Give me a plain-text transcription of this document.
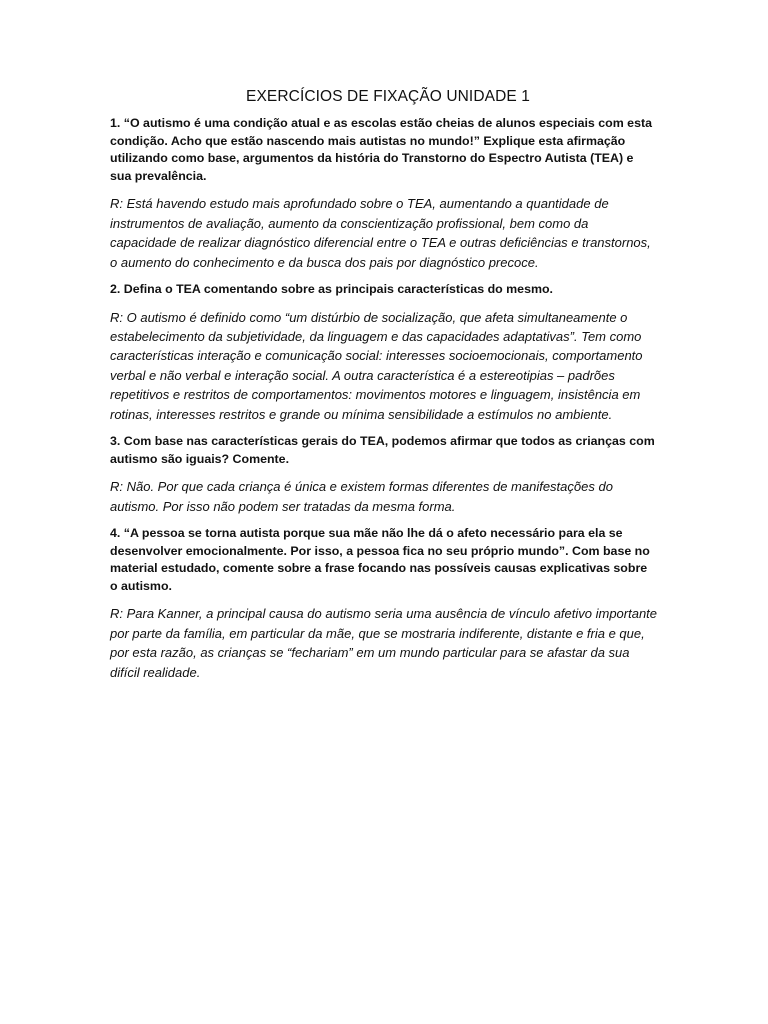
EXERCÍCIOS DE FIXAÇÃO UNIDADE 1

1. “O autismo é uma condição atual e as escolas estão cheias de alunos especiais com esta condição. Acho que estão nascendo mais autistas no mundo!” Explique esta afirmação utilizando como base, argumentos da história do Transtorno do Espectro Autista (TEA) e sua prevalência.

R: Está havendo estudo mais aprofundado sobre o TEA, aumentando a quantidade de instrumentos de avaliação, aumento da conscientização profissional, bem como da capacidade de realizar diagnóstico diferencial entre o TEA e outras deficiências e transtornos, o aumento do conhecimento e da busca dos pais por diagnóstico precoce.

2. Defina o TEA comentando sobre as principais características do mesmo.

R: O autismo é definido como “um distúrbio de socialização, que afeta simultaneamente o estabelecimento da subjetividade, da linguagem e das capacidades adaptativas”. Tem como características interação e comunicação social: interesses socioemocionais, comportamento verbal e não verbal e interação social. A outra característica é a estereotipias – padrões repetitivos e restritos de comportamentos: movimentos motores e linguagem, insistência em rotinas, interesses restritos e grande ou mínima sensibilidade a estímulos no ambiente.

3. Com base nas características gerais do TEA, podemos afirmar que todos as crianças com autismo são iguais? Comente.

R: Não. Por que cada criança é única e existem formas diferentes de manifestações do autismo. Por isso não podem ser tratadas da mesma forma.

4. “A pessoa se torna autista porque sua mãe não lhe dá o afeto necessário para ela se desenvolver emocionalmente. Por isso, a pessoa fica no seu próprio mundo”. Com base no material estudado, comente sobre a frase focando nas possíveis causas explicativas sobre o autismo.

R: Para Kanner, a principal causa do autismo seria uma ausência de vínculo afetivo importante por parte da família, em particular da mãe, que se mostraria indiferente, distante e fria e que, por esta razão, as crianças se “fechariam” em um mundo particular para se afastar da sua difícil realidade.
